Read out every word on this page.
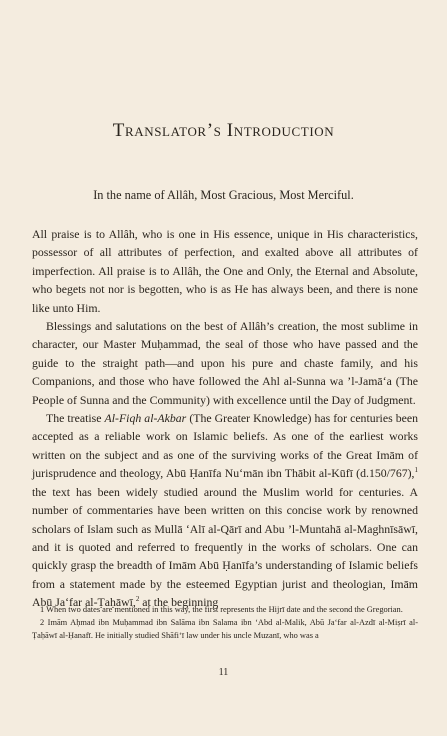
Translator’s Introduction
In the name of Allâh, Most Gracious, Most Merciful.

All praise is to Allâh, who is one in His essence, unique in His characteristics, possessor of all attributes of perfection, and exalted above all attributes of imperfection. All praise is to Allâh, the One and Only, the Eternal and Absolute, who begets not nor is begotten, who is as He has always been, and there is none like unto Him.

Blessings and salutations on the best of Allâh’s creation, the most sublime in character, our Master Muḥammad, the seal of those who have passed and the guide to the straight path—and upon his pure and chaste family, and his Companions, and those who have followed the Ahl al-Sunna wa ’l-Jamā‘a (The People of Sunna and the Community) with excellence until the Day of Judgment.

The treatise Al-Fiqh al-Akbar (The Greater Knowledge) has for centuries been accepted as a reliable work on Islamic beliefs. As one of the earliest works written on the subject and as one of the surviving works of the Great Imām of jurisprudence and theology, Abū Ḥanīfa Nu‘mān ibn Thābit al-Kūfī (d.150/767),$^1$ the text has been widely studied around the Muslim world for centuries. A number of commentaries have been written on this concise work by renowned scholars of Islam such as Mullā ‘Alī al-Qārī and Abu ’l-Muntahā al-Maghnīsāwī, and it is quoted and referred to frequently in the works of scholars. One can quickly grasp the breadth of Imām Abū Ḥanīfa’s understanding of Islamic beliefs from a statement made by the esteemed Egyptian jurist and theologian, Imām Abū Ja‘far al-Ṭaḥāwī,$^2$ at the beginning

1 When two dates are mentioned in this way, the first represents the Hijrī date and the second the Gregorian.

2 Imām Aḥmad ibn Muḥammad ibn Salāma ibn Salama ibn ‘Abd al-Malik, Abū Ja‘far al-Azdī al-Miṣrī al-Ṭaḥāwī al-Ḥanafī. He initially studied Shāfi‘ī law under his uncle Muzanī, who was a

11
